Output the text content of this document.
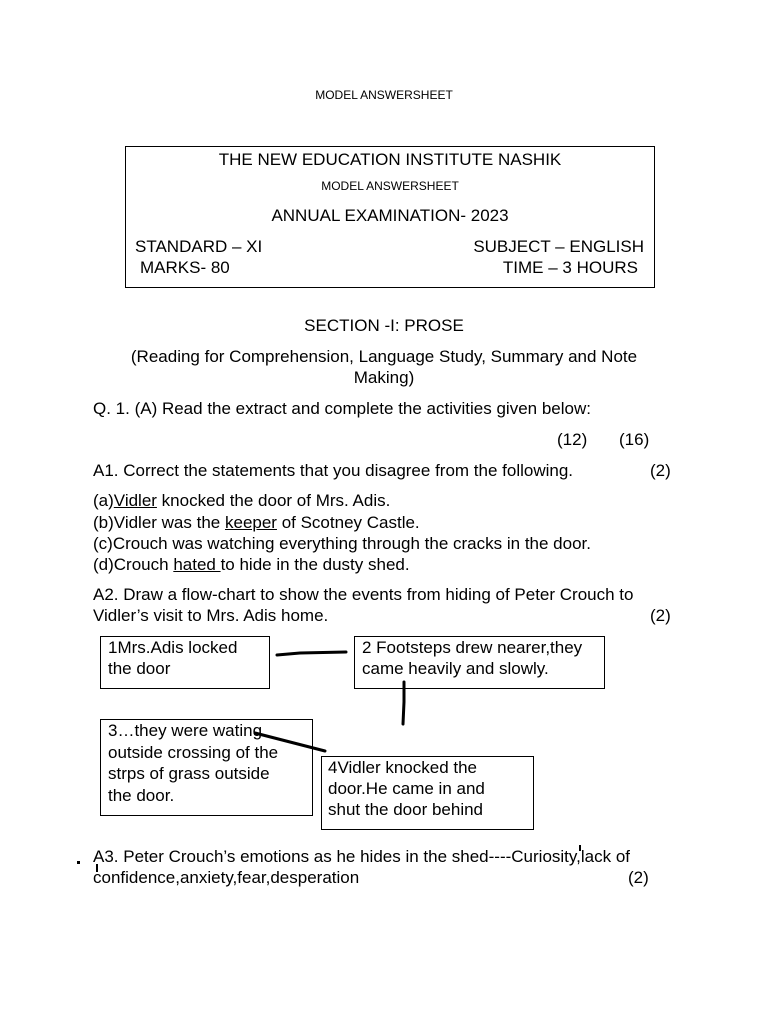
MODEL ANSWERSHEET
THE NEW EDUCATION INSTITUTE NASHIK
MODEL ANSWERSHEET
ANNUAL EXAMINATION- 2023
STANDARD – XI	SUBJECT – ENGLISH
MARKS- 80	TIME – 3 HOURS
SECTION -I: PROSE
(Reading for Comprehension, Language Study, Summary and Note
Making)
Q. 1. (A) Read the extract and complete the activities given below:
(12) (16)
A1. Correct the statements that you disagree from the following.	(2)
(a)Vidler knocked the door of Mrs. Adis.
(b)Vidler was the keeper of Scotney Castle.
(c)Crouch was watching everything through the cracks in the door.
(d)Crouch hated to hide in the dusty shed.
A2. Draw a flow-chart to show the events from hiding of Peter Crouch to
Vidler’s visit to Mrs. Adis home.	(2)
1Mrs.Adis locked
the door
2 Footsteps drew nearer,they
came heavily and slowly.
3…they were wating
outside crossing of the
strps of grass outside
the door.
4Vidler knocked the
door.He came in and
shut the door behind
A3. Peter Crouch’s emotions as he hides in the shed----Curiosity,lack of
confidence,anxiety,fear,desperation	(2)
